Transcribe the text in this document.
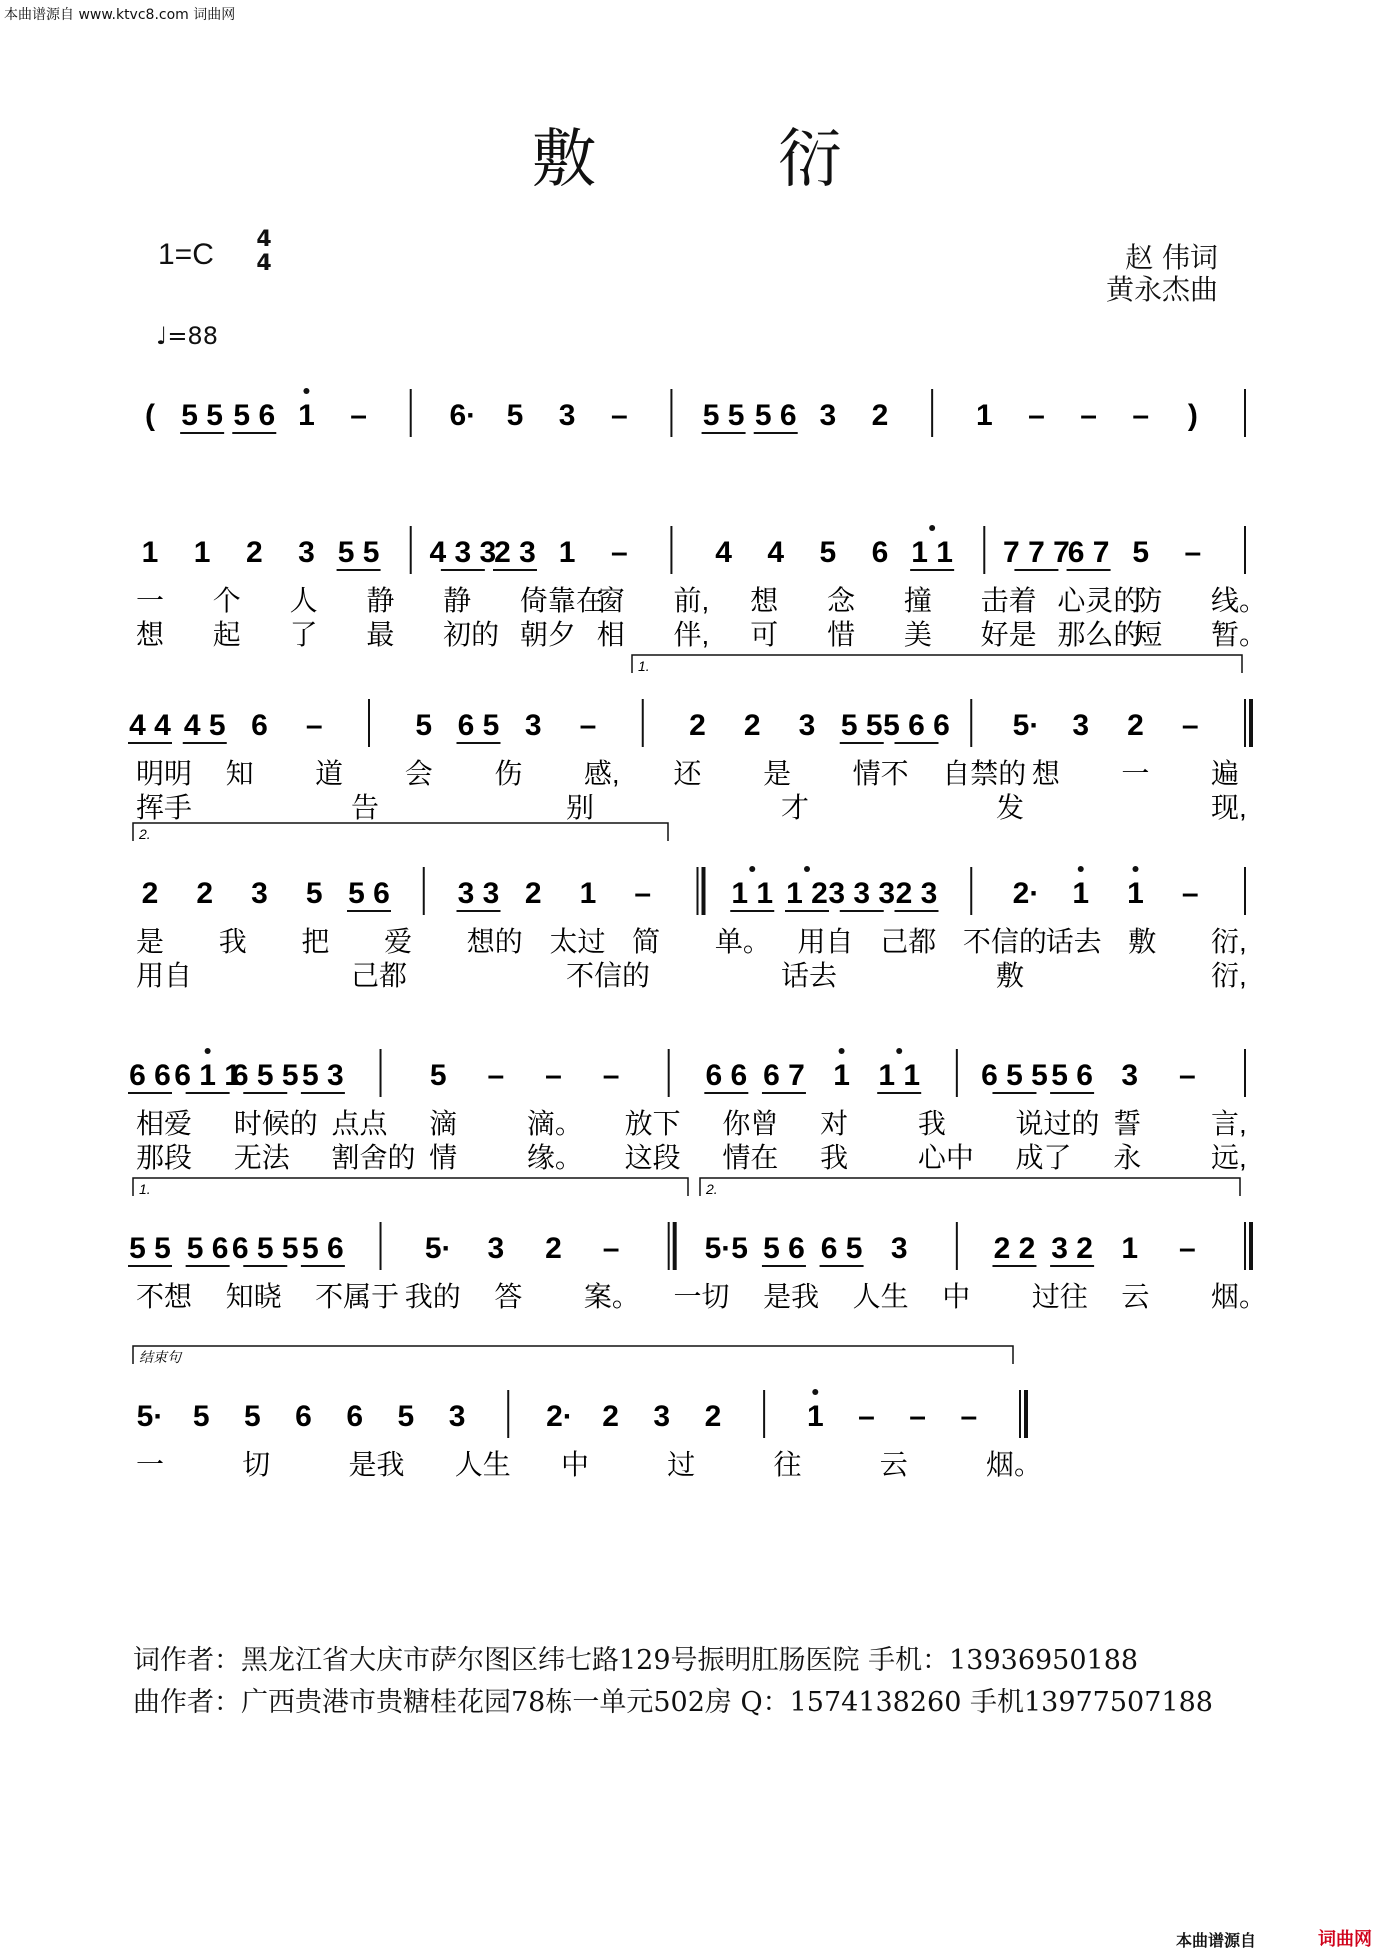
本曲谱源自 www.ktvc8.com 词曲网
敷	衍
1=C 4
4	赵 伟词
黄永杰曲
♩=88
( 5 5 5 6 1 –	6· 5 3 –	5 5 5 6 3 2	1 – – – )
1 1 2 3 5 5 4 3 3
2 3 1 –	4 4 5 6 1 1 7 7 7
6 7 5 –
一 个 人 静 静 倚靠在
窗 前, 想 念 撞 击着 心灵的
防 线。
想 起 了 最 初的 朝夕 相 伴, 可 惜 美 好是 那么的
短 暂。
1.
4 4 4 5 6 –	5 6 5 3 –	2 2 3 5 5 5 6 6 5· 3 2 –
明明 知 道 会 伤 感, 还 是 情不 自禁的 想 一 遍
挥手	告	别	才	发	现,
2.
2 2 3 5 5 6 3 3 2 1 –	1 1 1 2 3 3 3 2 3	2· 1 1 –
是 我 把 爱 想的 太过 简 单。 用自 己都 不信的
话去 敷 衍,
用自	己都	不信的	话去	敷	衍,
6 6 6 1 1
6 5 5 5 3	5 – – –	6 6 6 7 1 1 1 6 5 5 5 6 3 –
相爱 时候的 点点 滴 滴。 放下 你曾 对 我 说过的 誓 言,
那段 无法 割舍的 情 缘。 这段 情在 我 心中 成了 永 远,
1.	2.
5 5 5 6 6 5 5 5 6	5· 3 2 –	5·5 5 6 6 5 3	2 2 3 2 1 –
不想 知晓 不属于 我的 答 案。 一切 是我 人生 中 过往 云 烟。
结束句
5· 5 5 6 6 5 3	2· 2 3 2	1 – – –
一	切	是我 人生 中	过	往	云	烟。
词作者：黑龙江省大庆市萨尔图区纬七路129号振明肛肠医院 手机：13936950188
曲作者：广西贵港市贵糖桂花园78栋一单元502房 Q：1574138260 手机13977507188
本曲谱源自	词曲网
